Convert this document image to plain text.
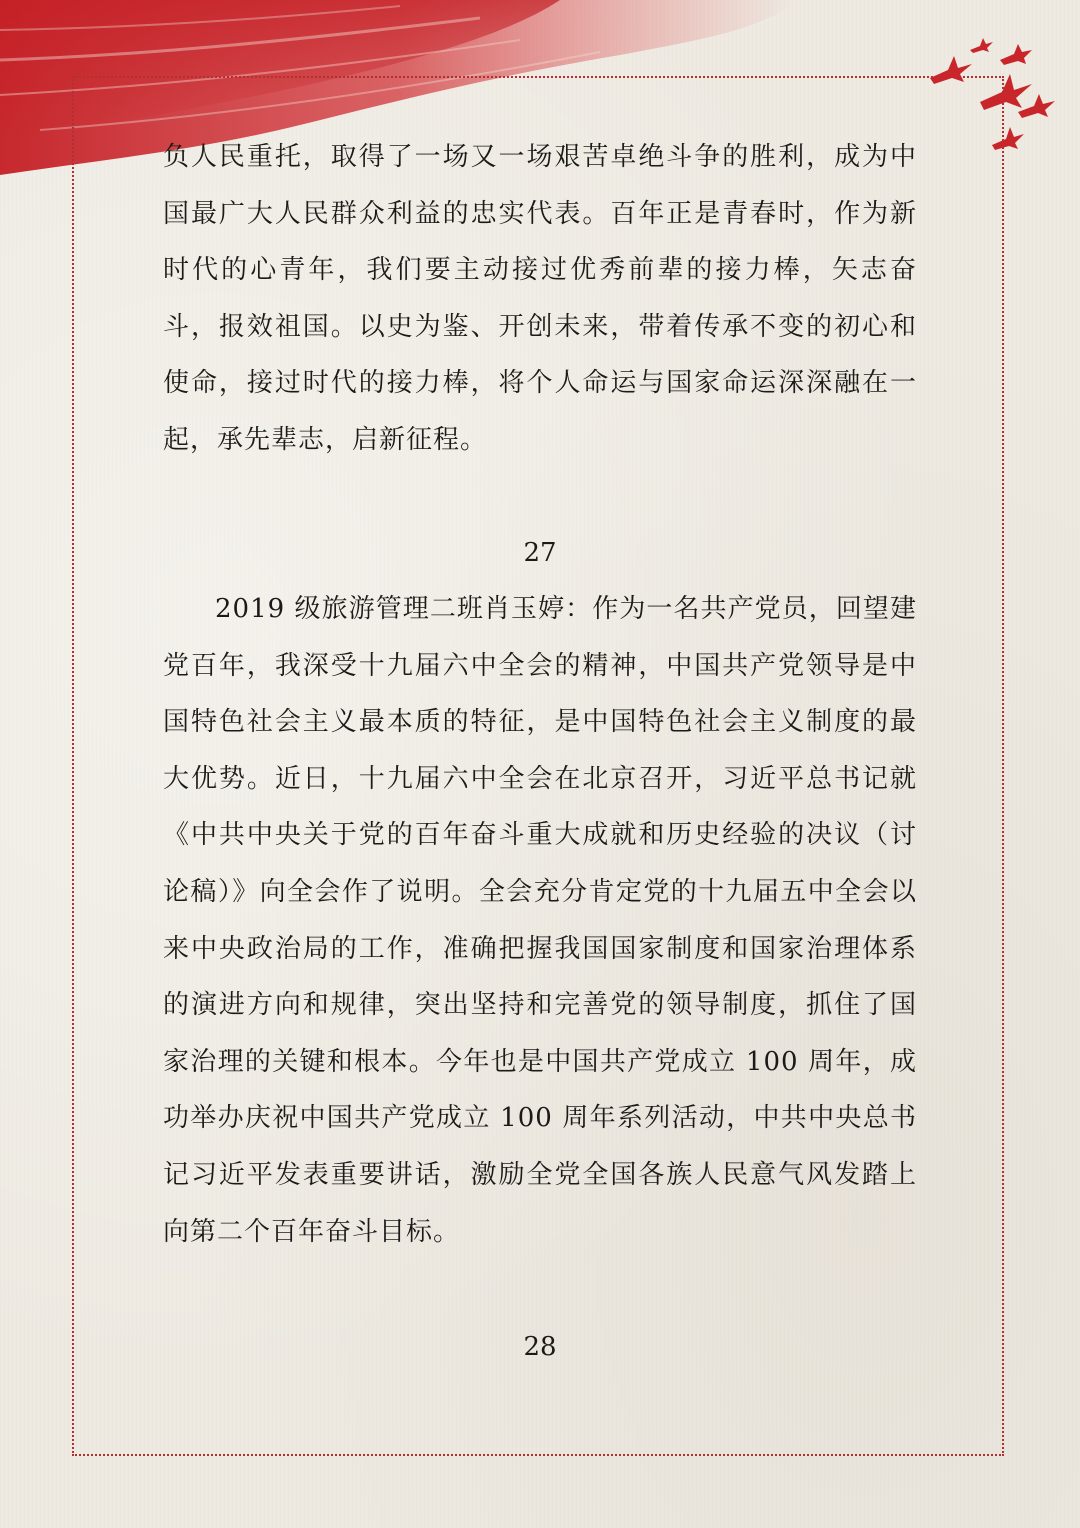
负人民重托，取得了一场又一场艰苦卓绝斗争的胜利，成为中国最广大人民群众利益的忠实代表。百年正是青春时，作为新时代的心青年，我们要主动接过优秀前辈的接力棒，矢志奋斗，报效祖国。以史为鉴、开创未来，带着传承不变的初心和使命，接过时代的接力棒，将个人命运与国家命运深深融在一起，承先辈志，启新征程。

27

2019 级旅游管理二班肖玉婷：作为一名共产党员，回望建党百年，我深受十九届六中全会的精神，中国共产党领导是中国特色社会主义最本质的特征，是中国特色社会主义制度的最大优势。近日，十九届六中全会在北京召开，习近平总书记就《中共中央关于党的百年奋斗重大成就和历史经验的决议（讨论稿）》向全会作了说明。全会充分肯定党的十九届五中全会以来中央政治局的工作，准确把握我国国家制度和国家治理体系的演进方向和规律，突出坚持和完善党的领导制度，抓住了国家治理的关键和根本。今年也是中国共产党成立 100 周年，成功举办庆祝中国共产党成立 100 周年系列活动，中共中央总书记习近平发表重要讲话，激励全党全国各族人民意气风发踏上向第二个百年奋斗目标。

28
